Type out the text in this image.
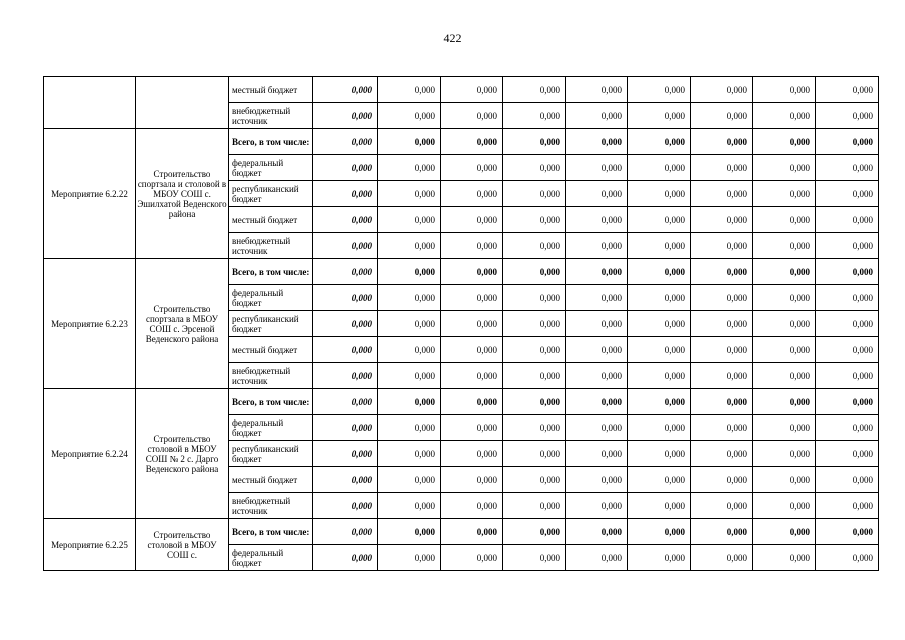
422
		местный бюджет	0,000	0,000	0,000	0,000	0,000	0,000	0,000	0,000	0,000
		внебюджетный источник	0,000	0,000	0,000	0,000	0,000	0,000	0,000	0,000	0,000
Мероприятие 6.2.22	Строительство спортзала и столовой в МБОУ СОШ с. Эшилхатой Веденского района	Всего, в том числе:	0,000	0,000	0,000	0,000	0,000	0,000	0,000	0,000	0,000
		федеральный бюджет	0,000	0,000	0,000	0,000	0,000	0,000	0,000	0,000	0,000
		республиканский бюджет	0,000	0,000	0,000	0,000	0,000	0,000	0,000	0,000	0,000
		местный бюджет	0,000	0,000	0,000	0,000	0,000	0,000	0,000	0,000	0,000
		внебюджетный источник	0,000	0,000	0,000	0,000	0,000	0,000	0,000	0,000	0,000
Мероприятие 6.2.23	Строительство спортзала в МБОУ СОШ с. Эрсеной Веденского района	Всего, в том числе:	0,000	0,000	0,000	0,000	0,000	0,000	0,000	0,000	0,000
		федеральный бюджет	0,000	0,000	0,000	0,000	0,000	0,000	0,000	0,000	0,000
		республиканский бюджет	0,000	0,000	0,000	0,000	0,000	0,000	0,000	0,000	0,000
		местный бюджет	0,000	0,000	0,000	0,000	0,000	0,000	0,000	0,000	0,000
		внебюджетный источник	0,000	0,000	0,000	0,000	0,000	0,000	0,000	0,000	0,000
Мероприятие 6.2.24	Строительство столовой в МБОУ СОШ № 2 с. Дарго Веденского района	Всего, в том числе:	0,000	0,000	0,000	0,000	0,000	0,000	0,000	0,000	0,000
		федеральный бюджет	0,000	0,000	0,000	0,000	0,000	0,000	0,000	0,000	0,000
		республиканский бюджет	0,000	0,000	0,000	0,000	0,000	0,000	0,000	0,000	0,000
		местный бюджет	0,000	0,000	0,000	0,000	0,000	0,000	0,000	0,000	0,000
		внебюджетный источник	0,000	0,000	0,000	0,000	0,000	0,000	0,000	0,000	0,000
Мероприятие 6.2.25	Строительство столовой в МБОУ СОШ с.	Всего, в том числе:	0,000	0,000	0,000	0,000	0,000	0,000	0,000	0,000	0,000
		федеральный бюджет	0,000	0,000	0,000	0,000	0,000	0,000	0,000	0,000	0,000
